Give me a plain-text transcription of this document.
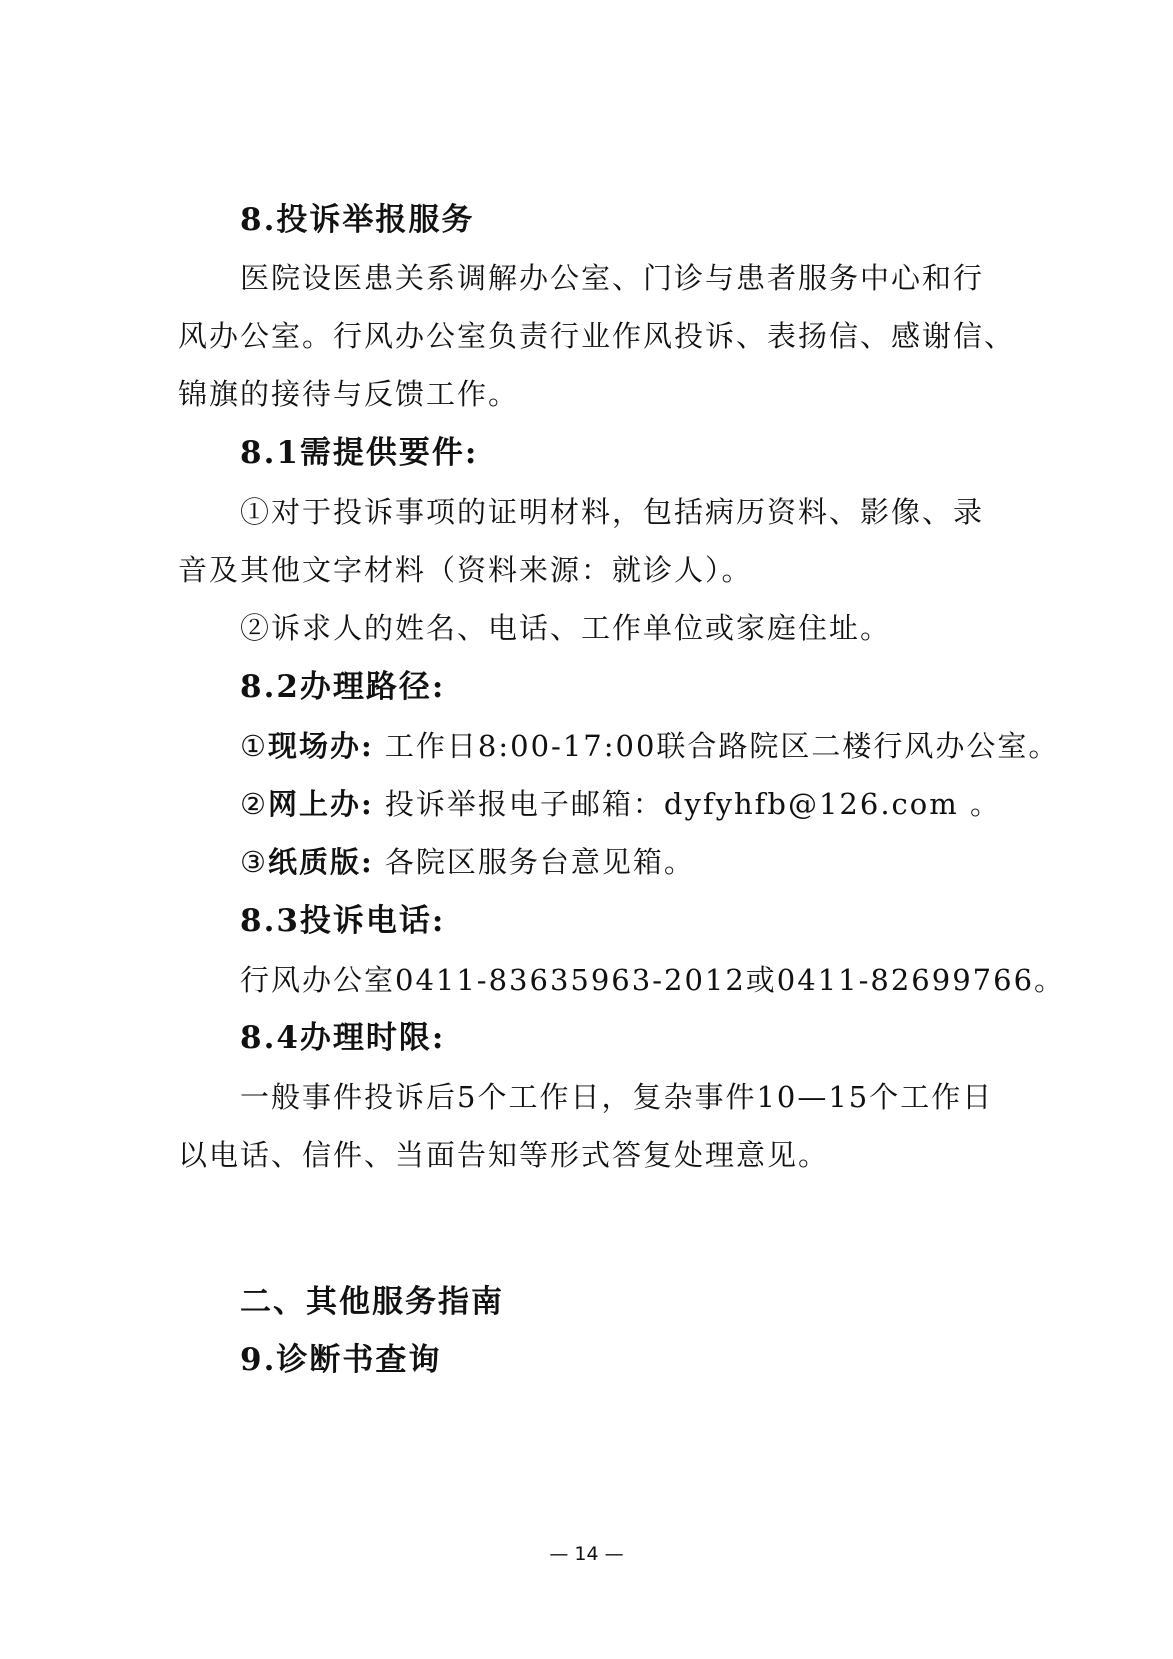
8.投诉举报服务
医院设医患关系调解办公室、门诊与患者服务中心和行
风办公室。行风办公室负责行业作风投诉、表扬信、感谢信、
锦旗的接待与反馈工作。
8.1需提供要件:
①对于投诉事项的证明材料，包括病历资料、影像、录
音及其他文字材料（资料来源：就诊人）。
②诉求人的姓名、电话、工作单位或家庭住址。
8.2办理路径:
①现场办: 工作日8:00-17:00联合路院区二楼行风办公室。
②网上办: 投诉举报电子邮箱：dyfyhfb@126.com 。
③纸质版: 各院区服务台意见箱。
8.3投诉电话:
行风办公室0411-83635963-2012或0411-82699766。
8.4办理时限:
一般事件投诉后5个工作日，复杂事件10—15个工作日
以电话、信件、当面告知等形式答复处理意见。
二、其他服务指南
9.诊断书查询
— 14 —
